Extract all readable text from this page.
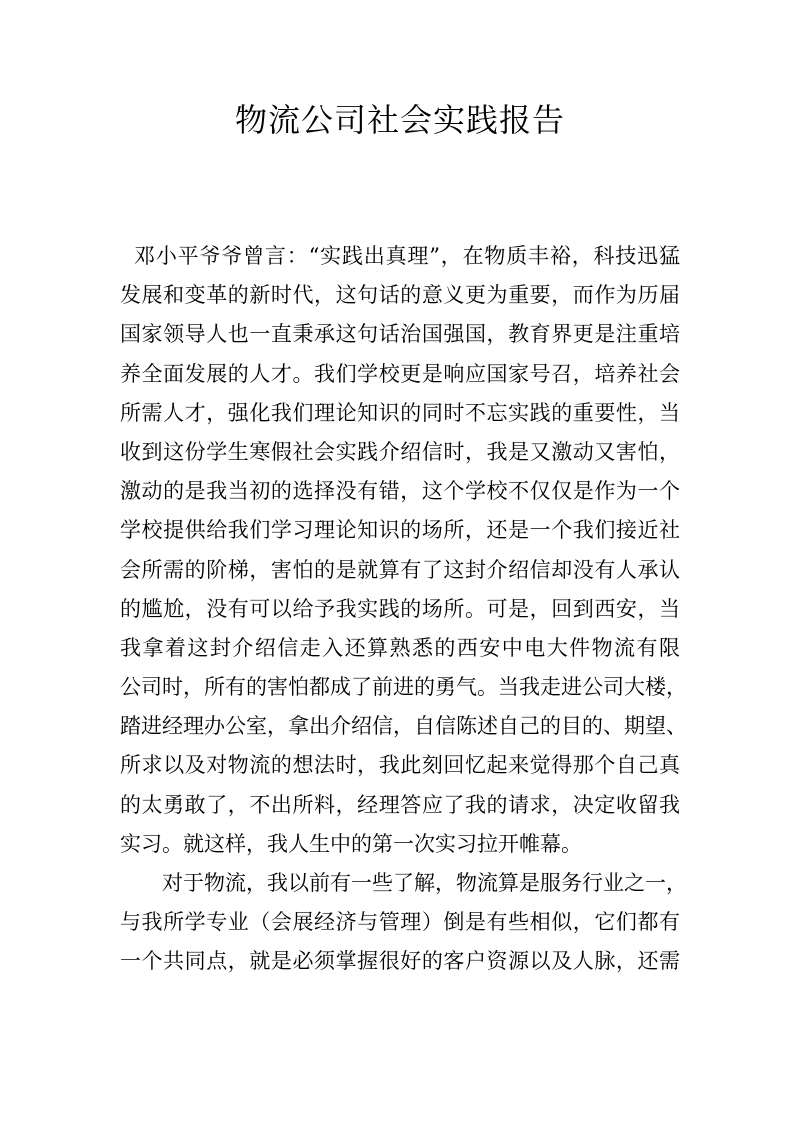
物流公司社会实践报告
邓小平爷爷曾言：“实践出真理”，在物质丰裕，科技迅猛
发展和变革的新时代，这句话的意义更为重要，而作为历届
国家领导人也一直秉承这句话治国强国，教育界更是注重培
养全面发展的人才。我们学校更是响应国家号召，培养社会
所需人才，强化我们理论知识的同时不忘实践的重要性，当
收到这份学生寒假社会实践介绍信时，我是又激动又害怕，
激动的是我当初的选择没有错，这个学校不仅仅是作为一个
学校提供给我们学习理论知识的场所，还是一个我们接近社
会所需的阶梯，害怕的是就算有了这封介绍信却没有人承认
的尴尬，没有可以给予我实践的场所。可是，回到西安，当
我拿着这封介绍信走入还算熟悉的西安中电大件物流有限
公司时，所有的害怕都成了前进的勇气。当我走进公司大楼，
踏进经理办公室，拿出介绍信，自信陈述自己的目的、期望、
所求以及对物流的想法时，我此刻回忆起来觉得那个自己真
的太勇敢了，不出所料，经理答应了我的请求，决定收留我
实习。就这样，我人生中的第一次实习拉开帷幕。
对于物流，我以前有一些了解，物流算是服务行业之一，
与我所学专业（会展经济与管理）倒是有些相似，它们都有
一个共同点，就是必须掌握很好的客户资源以及人脉，还需
